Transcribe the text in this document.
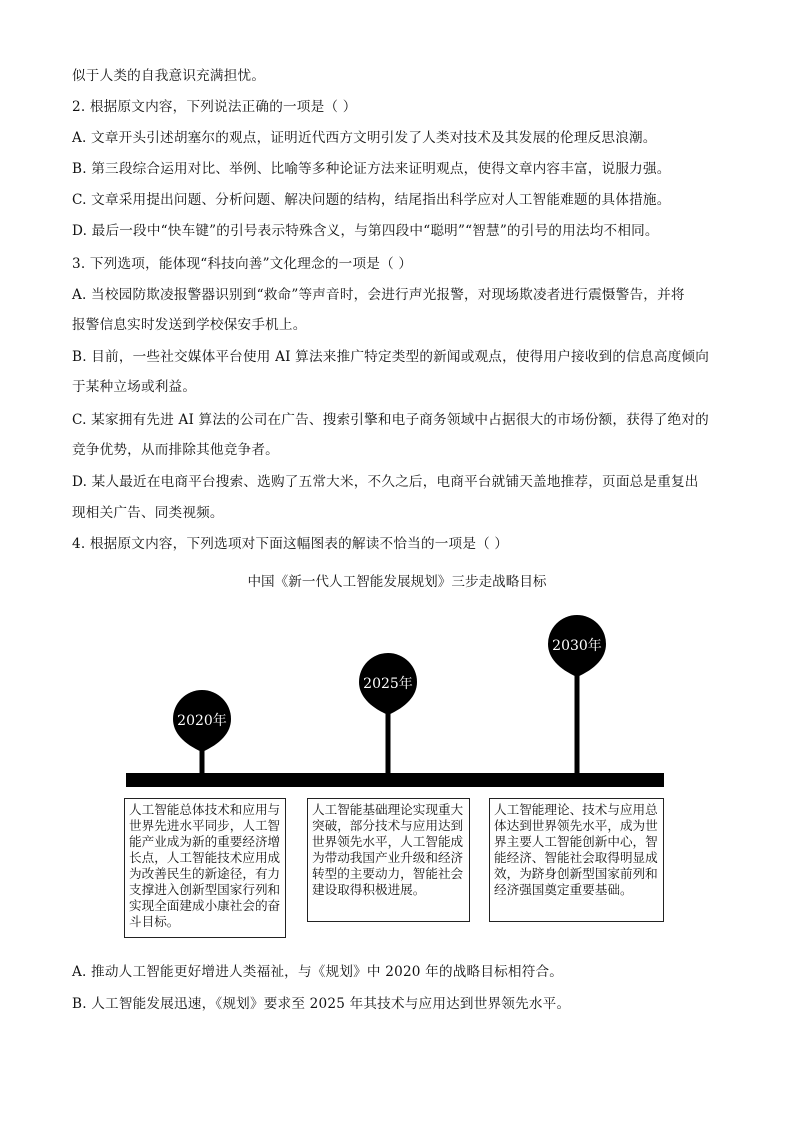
似于人类的自我意识充满担忧。
2. 根据原文内容，下列说法正确的一项是（ ）
A. 文章开头引述胡塞尔的观点，证明近代西方文明引发了人类对技术及其发展的伦理反思浪潮。
B. 第三段综合运用对比、举例、比喻等多种论证方法来证明观点，使得文章内容丰富，说服力强。
C. 文章采用提出问题、分析问题、解决问题的结构，结尾指出科学应对人工智能难题的具体措施。
D. 最后一段中“快车键”的引号表示特殊含义，与第四段中“聪明”“智慧”的引号的用法均不相同。
3. 下列选项，能体现“科技向善”文化理念的一项是（ ）
A. 当校园防欺凌报警器识别到“救命”等声音时，会进行声光报警，对现场欺凌者进行震慑警告，并将
报警信息实时发送到学校保安手机上。
B. 目前，一些社交媒体平台使用 AI 算法来推广特定类型的新闻或观点，使得用户接收到的信息高度倾向
于某种立场或利益。
C. 某家拥有先进 AI 算法的公司在广告、搜索引擎和电子商务领域中占据很大的市场份额，获得了绝对的
竞争优势，从而排除其他竞争者。
D. 某人最近在电商平台搜索、选购了五常大米，不久之后，电商平台就铺天盖地推荐，页面总是重复出
现相关广告、同类视频。
4. 根据原文内容，下列选项对下面这幅图表的解读不恰当的一项是（ ）
中国《新一代人工智能发展规划》三步走战略目标
2020年
2025年
2030年
人工智能总体技术和应用与世界先进水平同步，人工智能产业成为新的重要经济增长点，人工智能技术应用成为改善民生的新途径，有力支撑进入创新型国家行列和实现全面建成小康社会的奋斗目标。
人工智能基础理论实现重大突破，部分技术与应用达到世界领先水平，人工智能成为带动我国产业升级和经济转型的主要动力，智能社会建设取得积极进展。
人工智能理论、技术与应用总体达到世界领先水平，成为世界主要人工智能创新中心，智能经济、智能社会取得明显成效，为跻身创新型国家前列和经济强国奠定重要基础。
A. 推动人工智能更好增进人类福祉，与《规划》中 2020 年的战略目标相符合。
B. 人工智能发展迅速，《规划》要求至 2025 年其技术与应用达到世界领先水平。
